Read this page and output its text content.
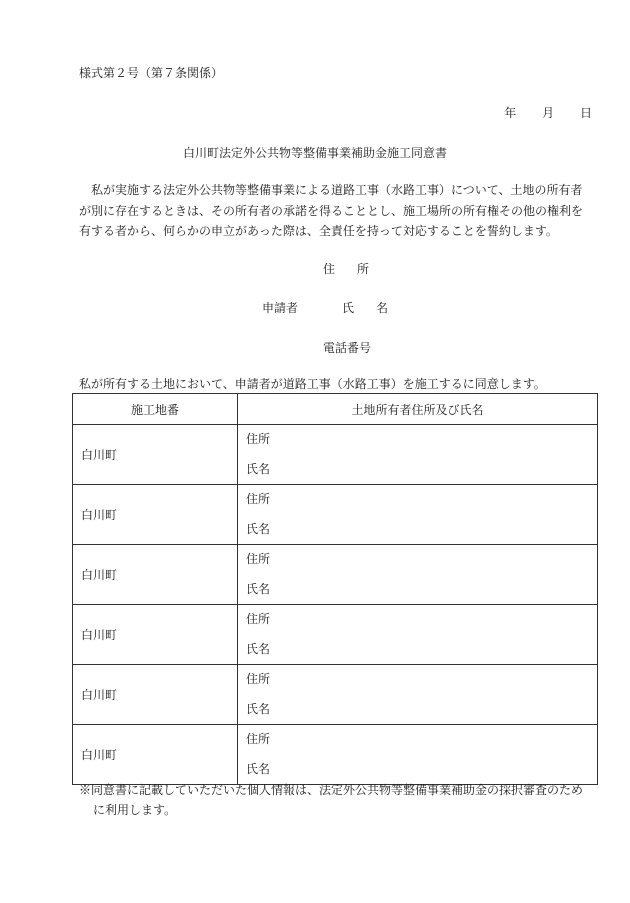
様式第２号（第７条関係）
年 月 日
白川町法定外公共物等整備事業補助金施工同意書

　私が実施する法定外公共物等整備事業による道路工事（水路工事）について、土地の所有者

が別に存在するときは、その所有者の承諾を得ることとし、施工場所の所有権その他の権利を

有する者から、何らかの申立があった際は、全責任を持って対応することを誓約します。

住 所
申請者	氏 名
電話番号
私が所有する土地において、申請者が道路工事（水路工事）を施工するに同意します。
施工地番	土地所有者住所及び氏名
白川町	住所
氏名

白川町	住所
氏名

白川町	住所
氏名

白川町	住所
氏名

白川町	住所
氏名

白川町	住所
氏名

※同意書に記載していただいた個人情報は、法定外公共物等整備事業補助金の採択審査のため

に利用します。
